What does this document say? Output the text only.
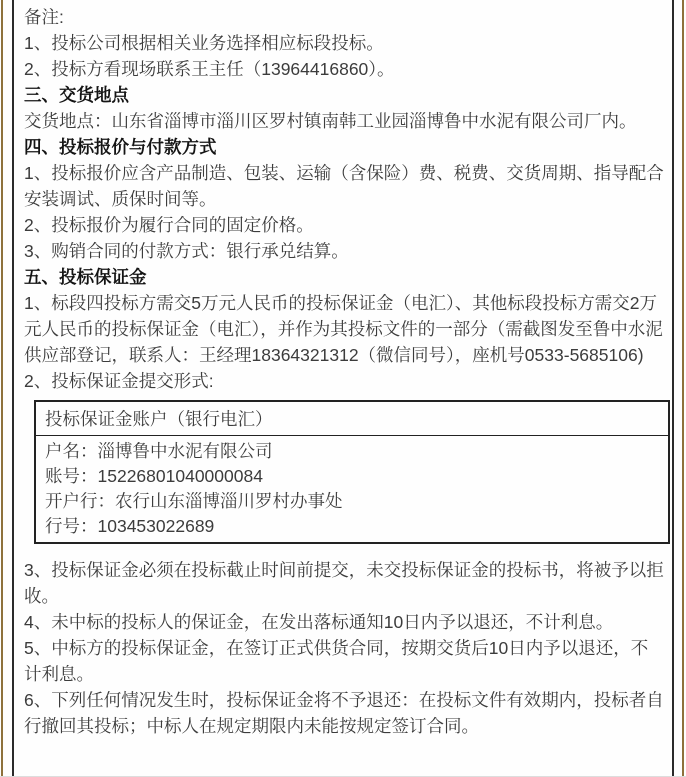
备注:

1、投标公司根据相关业务选择相应标段投标。

2、投标方看现场联系王主任（13964416860）。

三、交货地点

交货地点：山东省淄博市淄川区罗村镇南韩工业园淄博鲁中水泥有限公司厂内。

四、投标报价与付款方式

1、投标报价应含产品制造、包装、运输（含保险）费、税费、交货周期、指导配合安装调试、质保时间等。

2、投标报价为履行合同的固定价格。

3、购销合同的付款方式：银行承兑结算。

五、投标保证金

1、标段四投标方需交5万元人民币的投标保证金（电汇）、其他标段投标方需交2万元人民币的投标保证金（电汇），并作为其投标文件的一部分（需截图发至鲁中水泥供应部登记，联系人：王经理18364321312（微信同号），座机号0533-5685106)

2、投标保证金提交形式:

投标保证金账户（银行电汇）
户名：淄博鲁中水泥有限公司
账号：15226801040000084
开户行：农行山东淄博淄川罗村办事处
行号：103453022689

3、投标保证金必须在投标截止时间前提交，未交投标保证金的投标书，将被予以拒收。

4、未中标的投标人的保证金，在发出落标通知10日内予以退还，不计利息。

5、中标方的投标保证金，在签订正式供货合同，按期交货后10日内予以退还，不计利息。

6、下列任何情况发生时，投标保证金将不予退还：在投标文件有效期内，投标者自行撤回其投标；中标人在规定期限内未能按规定签订合同。
